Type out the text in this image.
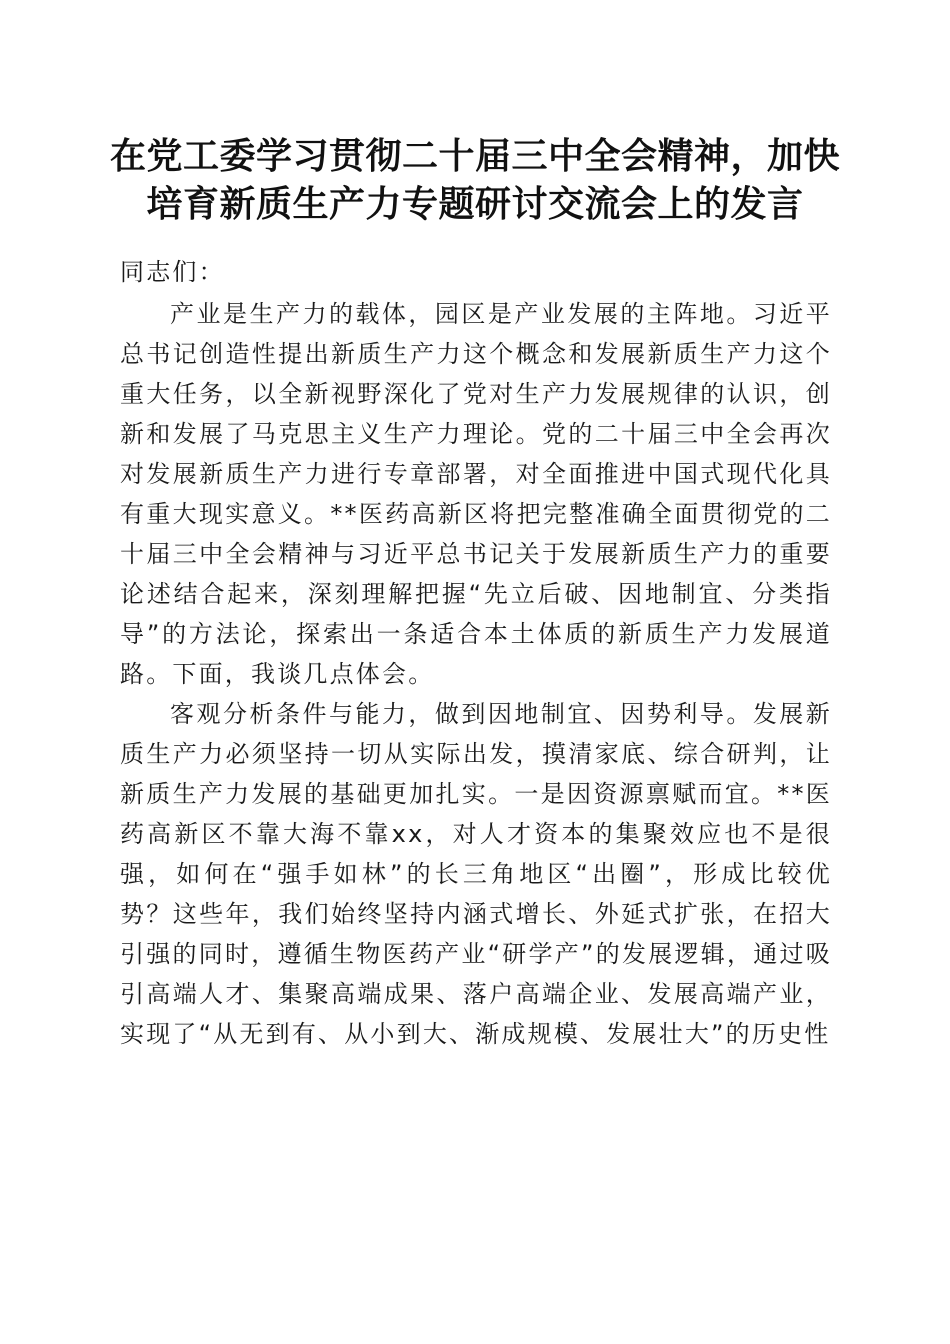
在党工委学习贯彻二十届三中全会精神，加快
培育新质生产力专题研讨交流会上的发言

同志们：

产业是生产力的载体，园区是产业发展的主阵地。习近平总书记创造性提出新质生产力这个概念和发展新质生产力这个重大任务，以全新视野深化了党对生产力发展规律的认识，创新和发展了马克思主义生产力理论。党的二十届三中全会再次对发展新质生产力进行专章部署，对全面推进中国式现代化具有重大现实意义。**医药高新区将把完整准确全面贯彻党的二十届三中全会精神与习近平总书记关于发展新质生产力的重要论述结合起来，深刻理解把握“先立后破、因地制宜、分类指导”的方法论，探索出一条适合本土体质的新质生产力发展道路。下面，我谈几点体会。

客观分析条件与能力，做到因地制宜、因势利导。发展新质生产力必须坚持一切从实际出发，摸清家底、综合研判，让新质生产力发展的基础更加扎实。一是因资源禀赋而宜。**医药高新区不靠大海不靠xx，对人才资本的集聚效应也不是很强，如何在“强手如林”的长三角地区“出圈”，形成比较优势？这些年，我们始终坚持内涵式增长、外延式扩张，在招大引强的同时，遵循生物医药产业“研学产”的发展逻辑，通过吸引高端人才、集聚高端成果、落户高端企业、发展高端产业，实现了“从无到有、从小到大、渐成规模、发展壮大”的历史性
